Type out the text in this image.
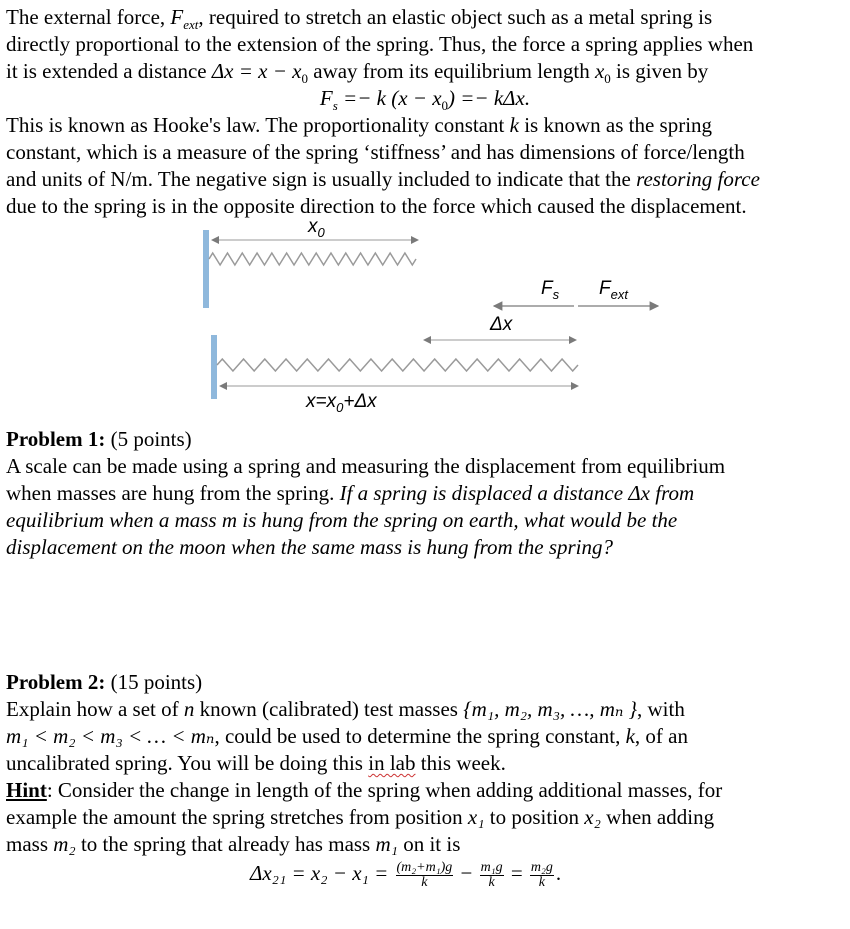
The external force, $F_{ext}$, required to stretch an elastic object such as a metal spring is

directly proportional to the extension of the spring. Thus, the force a spring applies when

it is extended a distance $\Delta x = x - x_0$ away from its equilibrium length $x_0$ is given by

$F_s =- k$ $(x - x_0) =- k\Delta x$.

This is known as Hooke's law. The proportionality constant k is known as the spring

constant, which is a measure of the spring ‘stiffness’ and has dimensions of force/length

and units of N/m. The negative sign is usually included to indicate that the restoring force

due to the spring is in the opposite direction to the force which caused the displacement.

$x_0$
$F_s$ $F_{ext}$
Δx
$x=x_0+\Delta x$

Problem 1: (5 points)

A scale can be made using a spring and measuring the displacement from equilibrium

when masses are hung from the spring. If a spring is displaced a distance Δx from

equilibrium when a mass m is hung from the spring on earth, what would be the

displacement on the moon when the same mass is hung from the spring?

Problem 2: (15 points)

Explain how a set of n known (calibrated) test masses {m₁, m₂, m₃, …, mₙ }, with

m₁ < m₂ < m₃ < … < mₙ, could be used to determine the spring constant, k, of an

uncalibrated spring. You will be doing this in lab this week.

Hint: Consider the change in length of the spring when adding additional masses, for

example the amount the spring stretches from position x₁ to position x₂ when adding

mass m₂ to the spring that already has mass m₁ on it is

$\Delta x_{21} = x_2 - x_1 = \frac{\text{(m₂+m₁)g}}{k} - \frac{\text{m₁g}}{k} = \frac{\text{m₂g}}{k}$ .
